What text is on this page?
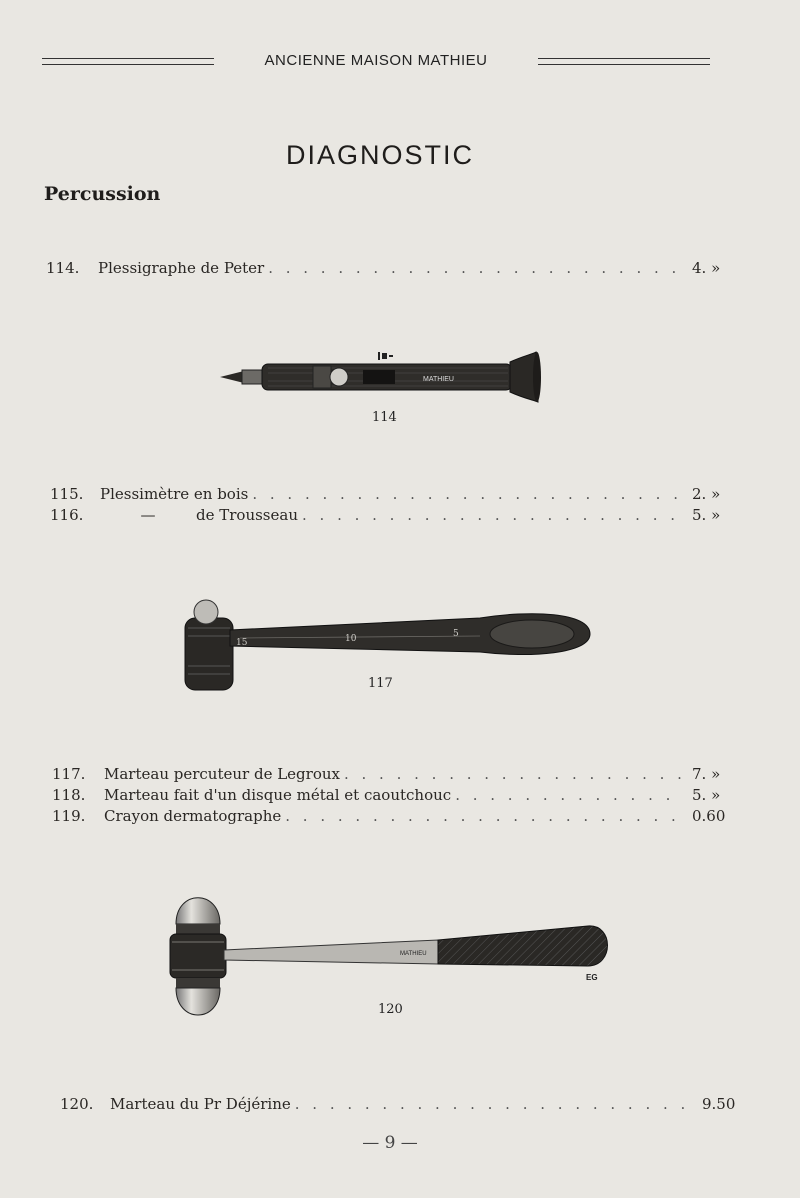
ANCIENNE MAISON MATHIEU
DIAGNOSTIC
Percussion
114.	Plessigraphe de Peter . . .	4. »
MATHIEU
114
115.	Plessimètre en bois . . .	2. »
116.	—	de Trousseau . . .	5. »
15	10	5
117
117.	Marteau percuteur de Legroux . . .	7. »
118.	Marteau fait d'un disque métal et caoutchouc . . .	5. »
119.	Crayon dermatographe . . .	0.60
MATHIEU
EG
120
120.	Marteau du Pr Déjérine . . .	9.50
— 9 —
